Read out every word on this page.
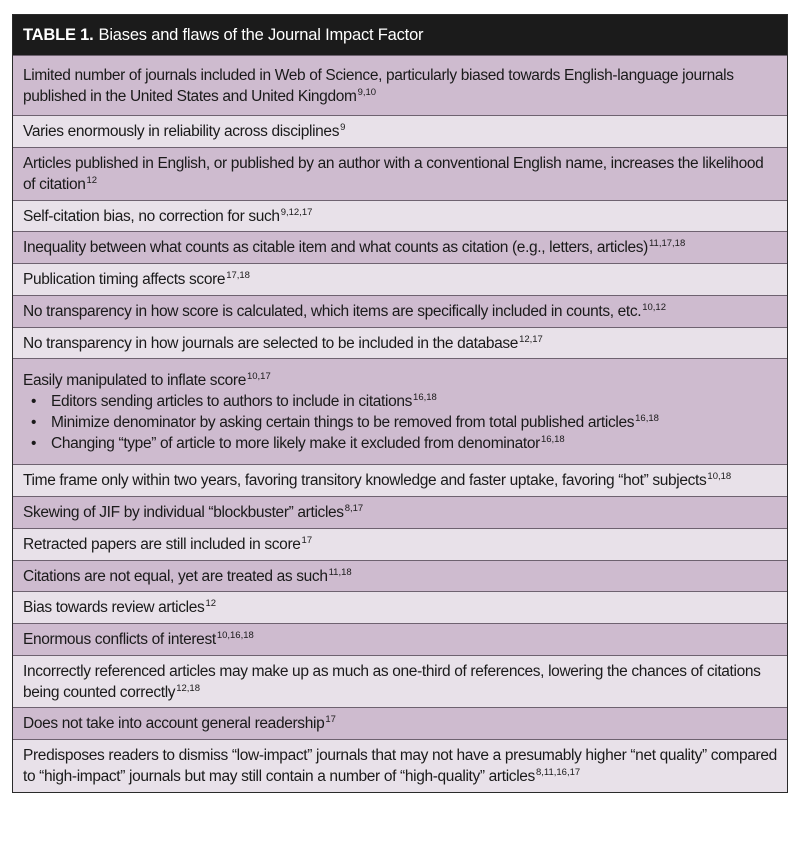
TABLE 1. Biases and flaws of the Journal Impact Factor
Limited number of journals included in Web of Science, particularly biased towards English-language journals published in the United States and United Kingdom$^{9,10}$
Varies enormously in reliability across disciplines$^9$
Articles published in English, or published by an author with a conventional English name, increases the likelihood of citation$^{12}$
Self-citation bias, no correction for such$^{9,12,17}$
Inequality between what counts as citable item and what counts as citation (e.g., letters, articles)$^{11,17,18}$
Publication timing affects score$^{17,18}$
No transparency in how score is calculated, which items are specifically included in counts, etc.$^{10,12}$
No transparency in how journals are selected to be included in the database$^{12,17}$
Easily manipulated to inflate score$^{10,17}$
• Editors sending articles to authors to include in citations$^{16,18}$
• Minimize denominator by asking certain things to be removed from total published articles$^{16,18}$
• Changing “type” of article to more likely make it excluded from denominator$^{16,18}$
Time frame only within two years, favoring transitory knowledge and faster uptake, favoring “hot” subjects$^{10,18}$
Skewing of JIF by individual “blockbuster” articles$^{8,17}$
Retracted papers are still included in score$^{17}$
Citations are not equal, yet are treated as such$^{11,18}$
Bias towards review articles$^{12}$
Enormous conflicts of interest$^{10,16,18}$
Incorrectly referenced articles may make up as much as one-third of references, lowering the chances of citations being counted correctly$^{12,18}$
Does not take into account general readership$^{17}$
Predisposes readers to dismiss “low-impact” journals that may not have a presumably higher “net quality” compared to “high-impact” journals but may still contain a number of “high-quality” articles$^{8,11,16,17}$
